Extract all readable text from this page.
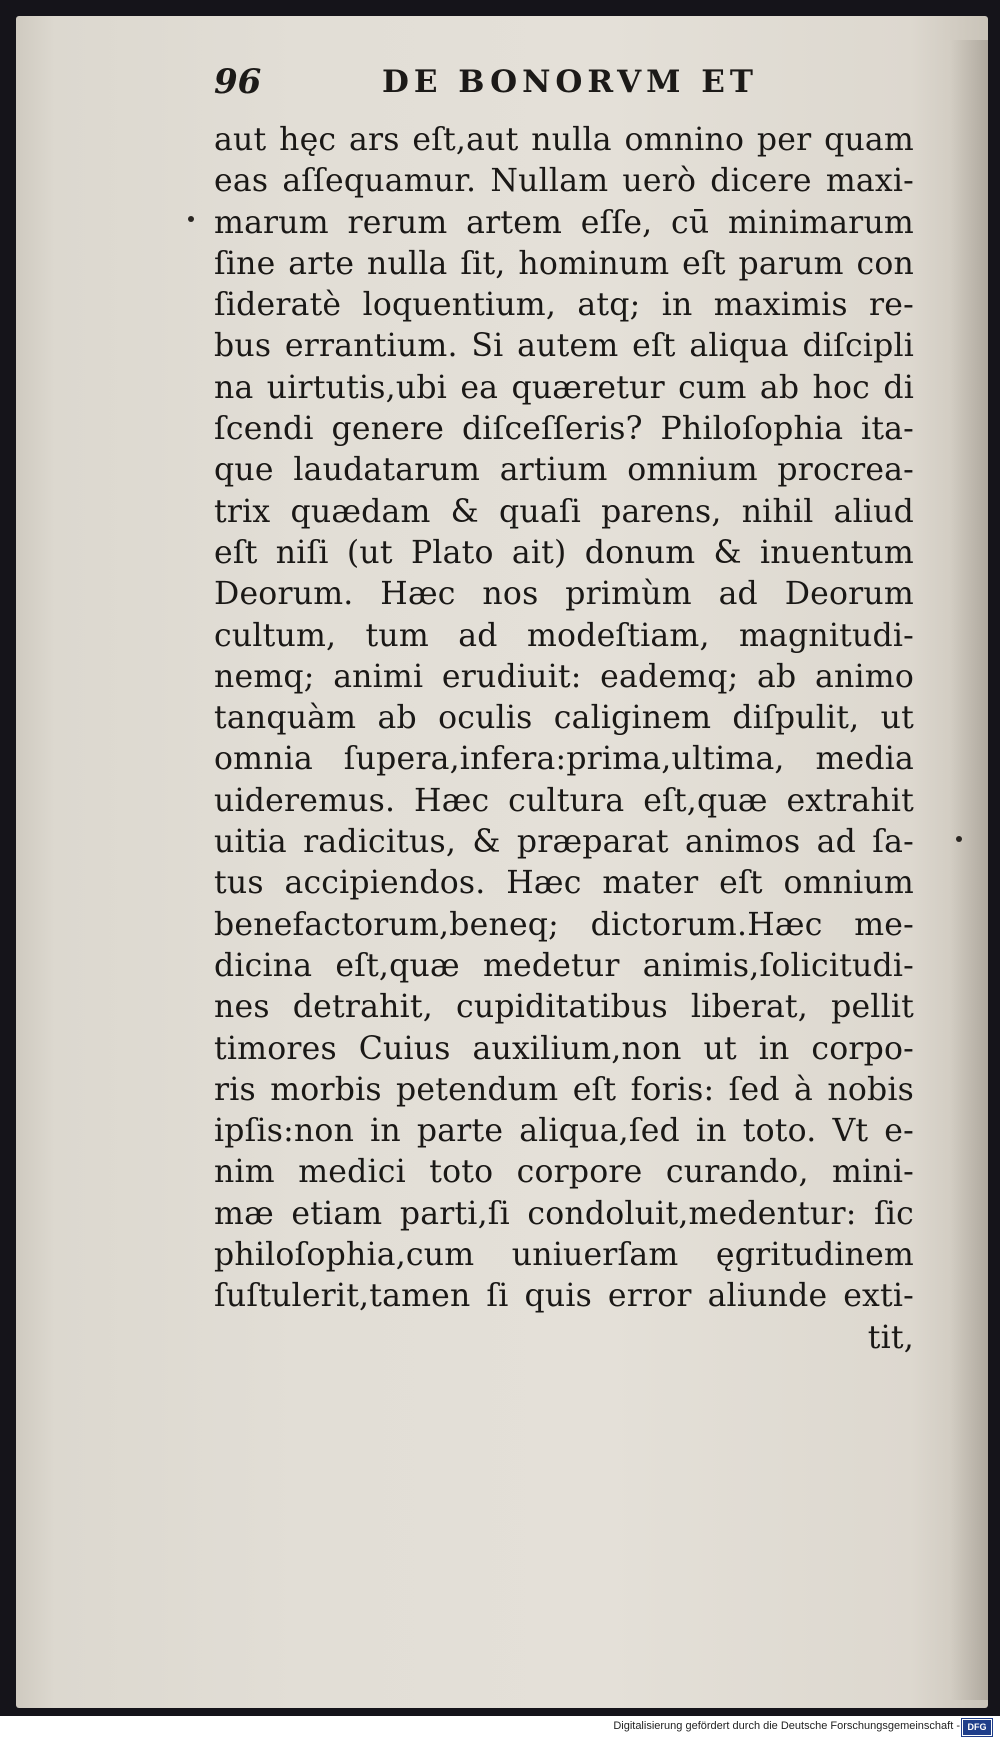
96	DE BONORVM ET
aut hęc ars eſt,aut nulla omnino per quam
eas aſſequamur. Nullam uerò dicere maxi-
marum rerum artem eſſe, cū minimarum
ſine arte nulla ſit, hominum eſt parum con
ſideratè loquentium, atq; in maximis re-
bus errantium. Si autem eſt aliqua diſcipli
na uirtutis,ubi ea quæretur cum ab hoc di
ſcendi genere diſceſſeris? Philoſophia ita-
que laudatarum artium omnium procrea-
trix quædam & quaſi parens, nihil aliud
eſt niſi (ut Plato ait) donum & inuentum
Deorum. Hæc nos primùm ad Deorum
cultum, tum ad modeſtiam, magnitudi-
nemq; animi erudiuit: eademq; ab animo
tanquàm ab oculis caliginem diſpulit, ut
omnia ſupera,infera:prima,ultima, media
uideremus. Hæc cultura eſt,quæ extrahit
uitia radicitus, & præparat animos ad ſa-
tus accipiendos. Hæc mater eſt omnium
benefactorum,beneq; dictorum.Hæc me-
dicina eſt,quæ medetur animis,ſolicitudi-
nes detrahit, cupiditatibus liberat, pellit
timores Cuius auxilium,non ut in corpo-
ris morbis petendum eſt foris: ſed à nobis
ipſis:non in parte aliqua,ſed in toto. Vt e-
nim medici toto corpore curando, mini-
mæ etiam parti,ſi condoluit,medentur: ſic
philoſophia,cum uniuerſam ęgritudinem
ſuſtulerit,tamen ſi quis error aliunde exti-
tit,
Digitalisierung gefördert durch die Deutsche Forschungsgemeinschaft - DFG
